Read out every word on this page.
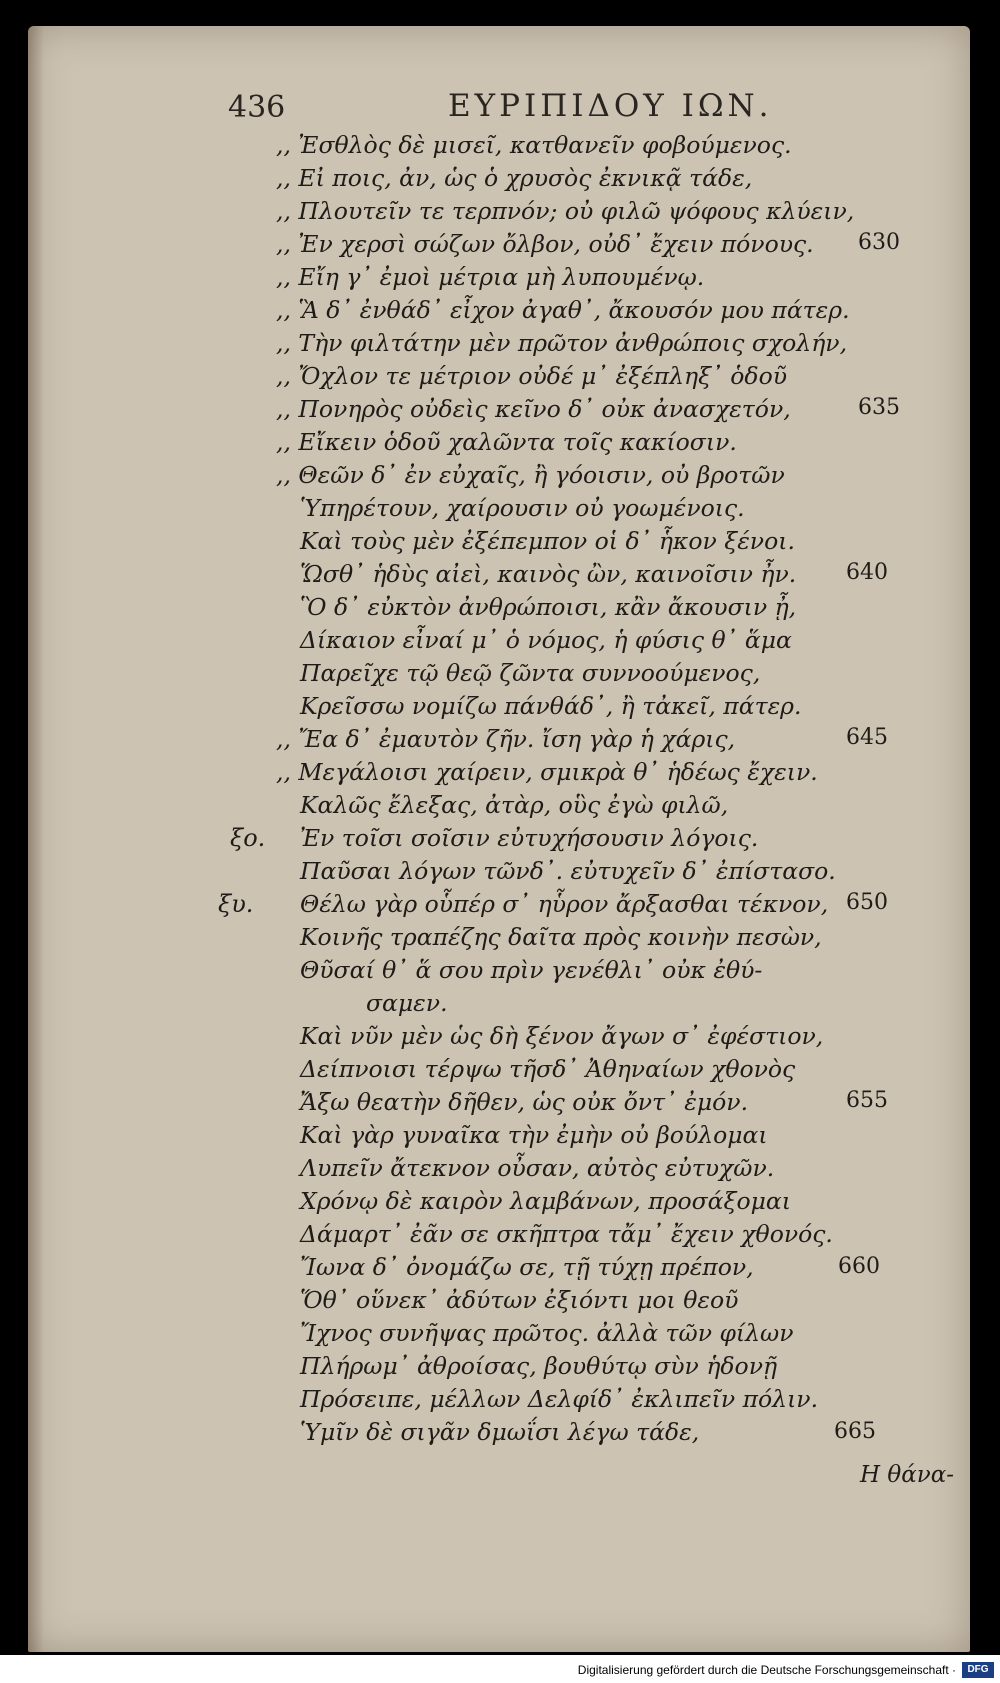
436	ΕΥΡΙΠΙΔΟΥ ΙΩΝ.
,, Ἐσθλὸς δὲ μισεῖ, κατθανεῖν φοβούμενος.
,, Εἰ ποις, ἀν, ὡς ὁ χρυσὸς ἐκνικᾷ τάδε,
,, Πλουτεῖν τε τερπνόν; οὐ φιλῶ ψόφους κλύειν,
,, Ἐν χερσὶ σώζων ὄλβον, οὐδ᾽ ἔχειν πόνους.
,, Εἴη γ᾽ ἐμοὶ μέτρια μὴ λυπουμένῳ.
,, Ἃ δ᾽ ἐνθάδ᾽ εἶχον ἀγαθ᾽, ἄκουσόν μου πάτερ.
,, Τὴν φιλτάτην μὲν πρῶτον ἀνθρώποις σχολήν,
,, Ὄχλον τε μέτριον οὐδέ μ᾽ ἐξέπληξ᾽ ὁδοῦ
,, Πονηρὸς οὐδεὶς κεῖνο δ᾽ οὐκ ἀνασχετόν,
,, Εἴκειν ὁδοῦ χαλῶντα τοῖς κακίοσιν.
,, Θεῶν δ᾽ ἐν εὐχαῖς, ἢ γόοισιν, οὐ βροτῶν
Ὑπηρέτουν, χαίρουσιν οὐ γοωμένοις.
Καὶ τοὺς μὲν ἐξέπεμπον οἱ δ᾽ ἧκον ξένοι.
Ὥσθ᾽ ἡδὺς αἰεὶ, καινὸς ὢν, καινοῖσιν ἦν.
Ὃ δ᾽ εὐκτὸν ἀνθρώποισι, κἂν ἄκουσιν ᾖ,
Δίκαιον εἶναί μ᾽ ὁ νόμος, ἡ φύσις θ᾽ ἅμα
Παρεῖχε τῷ θεῷ ζῶντα συννοούμενος,
Κρεῖσσω νομίζω πάνθάδ᾽, ἢ τἀκεῖ, πάτερ.
,, Ἔα δ᾽ ἐμαυτὸν ζῆν. ἴση γὰρ ἡ χάρις,
,, Μεγάλοισι χαίρειν, σμικρὰ θ᾽ ἡδέως ἔχειν.
Καλῶς ἔλεξας, ἀτὰρ, οὓς ἐγὼ φιλῶ,
Ἐν τοῖσι σοῖσιν εὐτυχήσουσιν λόγοις.
Παῦσαι λόγων τῶνδ᾽. εὐτυχεῖν δ᾽ ἐπίστασο.
Θέλω γὰρ οὗπέρ σ᾽ ηὗρον ἄρξασθαι τέκνον,
Κοινῆς τραπέζης δαῖτα πρὸς κοινὴν πεσὼν,
Θῦσαί θ᾽ ἅ σου πρὶν γενέθλι᾽ οὐκ ἐθύ-
σαμεν.
Καὶ νῦν μὲν ὡς δὴ ξένον ἄγων σ᾽ ἐφέστιον,
Δείπνοισι τέρψω τῆσδ᾽ Ἀθηναίων χθονὸς
Ἄξω θεατὴν δῆθεν, ὡς οὐκ ὄντ᾽ ἐμόν.
Καὶ γὰρ γυναῖκα τὴν ἐμὴν οὐ βούλομαι
Λυπεῖν ἄτεκνον οὖσαν, αὐτὸς εὐτυχῶν.
Χρόνῳ δὲ καιρὸν λαμβάνων, προσάξομαι
Δάμαρτ᾽ ἐᾶν σε σκῆπτρα τἄμ᾽ ἔχειν χθονός.
Ἴωνα δ᾽ ὀνομάζω σε, τῇ τύχῃ πρέπον,
Ὅθ᾽ οὕνεκ᾽ ἀδύτων ἐξιόντι μοι θεοῦ
Ἴχνος συνῆψας πρῶτος. ἀλλὰ τῶν φίλων
Πλήρωμ᾽ ἀθροίσας, βουθύτῳ σὺν ἡδονῇ
Πρόσειπε, μέλλων Δελφίδ᾽ ἐκλιπεῖν πόλιν.
Ὑμῖν δὲ σιγᾶν δμωΐσι λέγω τάδε,
630
635
640
645
650
655
660
665
ξο.
ξυ.
Η θάνα-
Digitalisierung gefördert durch die Deutsche Forschungsgemeinschaft ·	DFG
